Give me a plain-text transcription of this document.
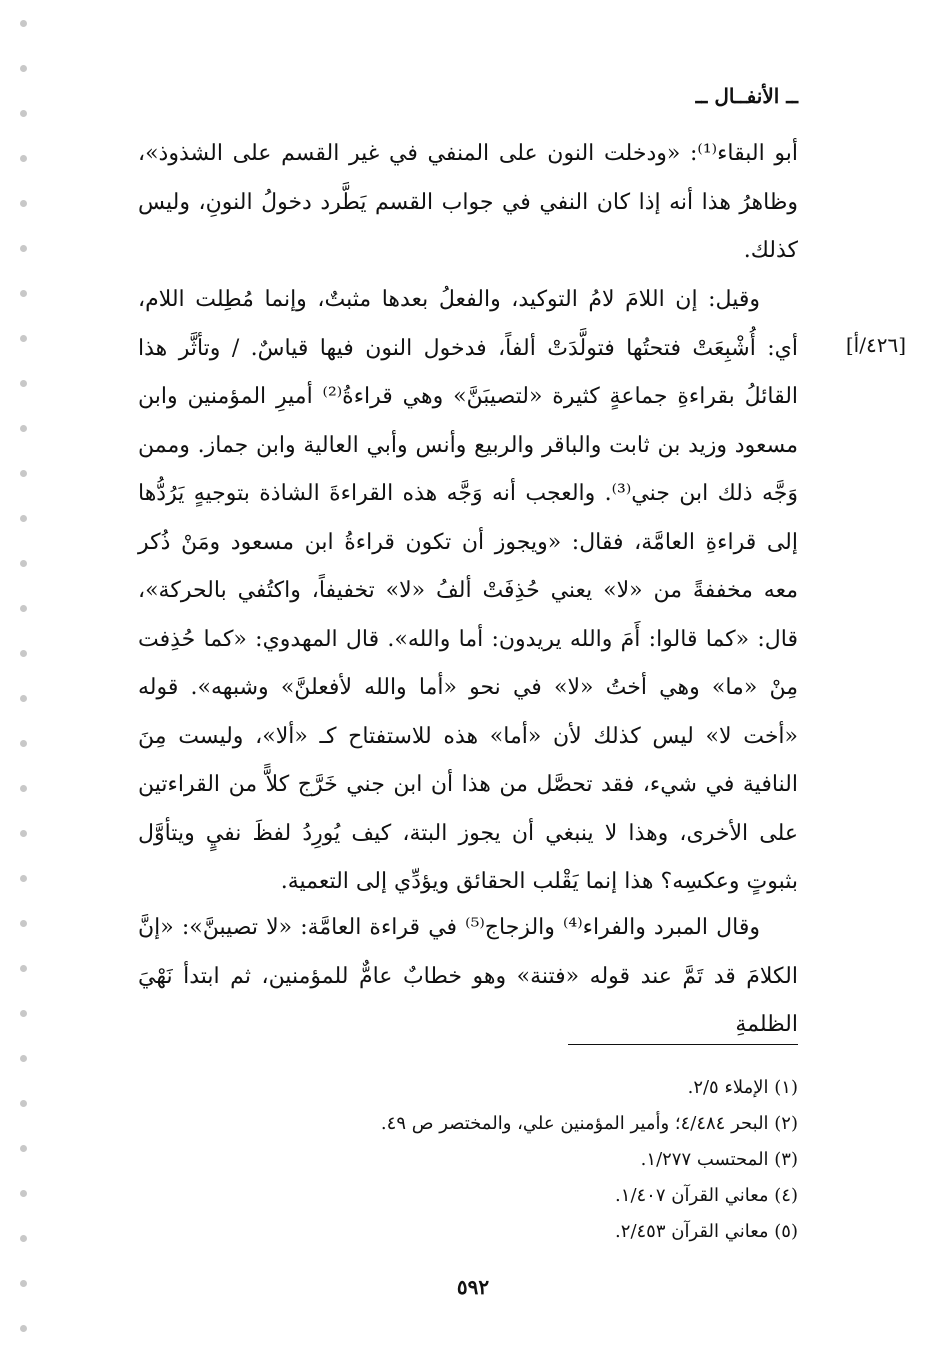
ــ الأنفــال ــ
[٤٢٦/أ]

أبو البقاء⁽¹⁾: «ودخلت النون على المنفي في غير القسم على الشذوذ»، وظاهرُ هذا أنه إذا كان النفي في جواب القسم يَطَّرد دخولُ النونِ، وليس كذلك.

وقيل: إن اللامَ لامُ التوكيد، والفعلُ بعدها مثبتٌ، وإنما مُطِلت اللام، أي: أُشْبِعَتْ فتحتُها فتولَّدَتْ ألفاً، فدخول النون فيها قياسٌ. / وتأثَّر هذا القائلُ بقراءةِ جماعةٍ كثيرة «لتصيبَنَّ» وهي قراءةُ⁽²⁾ أميرِ المؤمنين وابن مسعود وزيد بن ثابت والباقر والربيع وأنس وأبي العالية وابن جماز. وممن وَجَّه ذلك ابن جني⁽³⁾. والعجب أنه وَجَّه هذه القراءةَ الشاذة بتوجيهٍ يَرُدُّها إلى قراءةِ العامَّة، فقال: «ويجوز أن تكون قراءةُ ابن مسعود ومَنْ ذُكر معه مخففةً من «لا» يعني حُذِفَتْ ألفُ «لا» تخفيفاً، واكتُفي بالحركة»، قال: «كما قالوا: أَمَ والله يريدون: أما والله». قال المهدوي: «كما حُذِفت مِنْ «ما» وهي أختُ «لا» في نحو «أما والله لأفعلنَّ» وشبهه». قوله «أخت لا» ليس كذلك لأن «أما» هذه للاستفتاح كـ «ألا»، وليست مِنَ النافية في شيء، فقد تحصَّل من هذا أن ابن جني خَرَّج كلاًّ من القراءتين على الأخرى، وهذا لا ينبغي أن يجوز البتة، كيف يُورِدُ لفظَ نفيٍ ويتأوَّل بثبوتٍ وعكسِه؟ هذا إنما يَقْلب الحقائق ويؤدِّي إلى التعمية.

وقال المبرد والفراء⁽⁴⁾ والزجاج⁽⁵⁾ في قراءة العامَّة: «لا تصيبنَّ»: «إنَّ الكلامَ قد تَمَّ عند قوله «فتنة» وهو خطابٌ عامٌّ للمؤمنين، ثم ابتدأ نَهْيَ الظلمةِ

(١) الإملاء ٢/٥.
(٢) البحر ٤/٤٨٤؛ وأمير المؤمنين علي، والمختصر ص ٤٩.
(٣) المحتسب ١/٢٧٧.
(٤) معاني القرآن ١/٤٠٧.
(٥) معاني القرآن ٢/٤٥٣.
٥٩٢
